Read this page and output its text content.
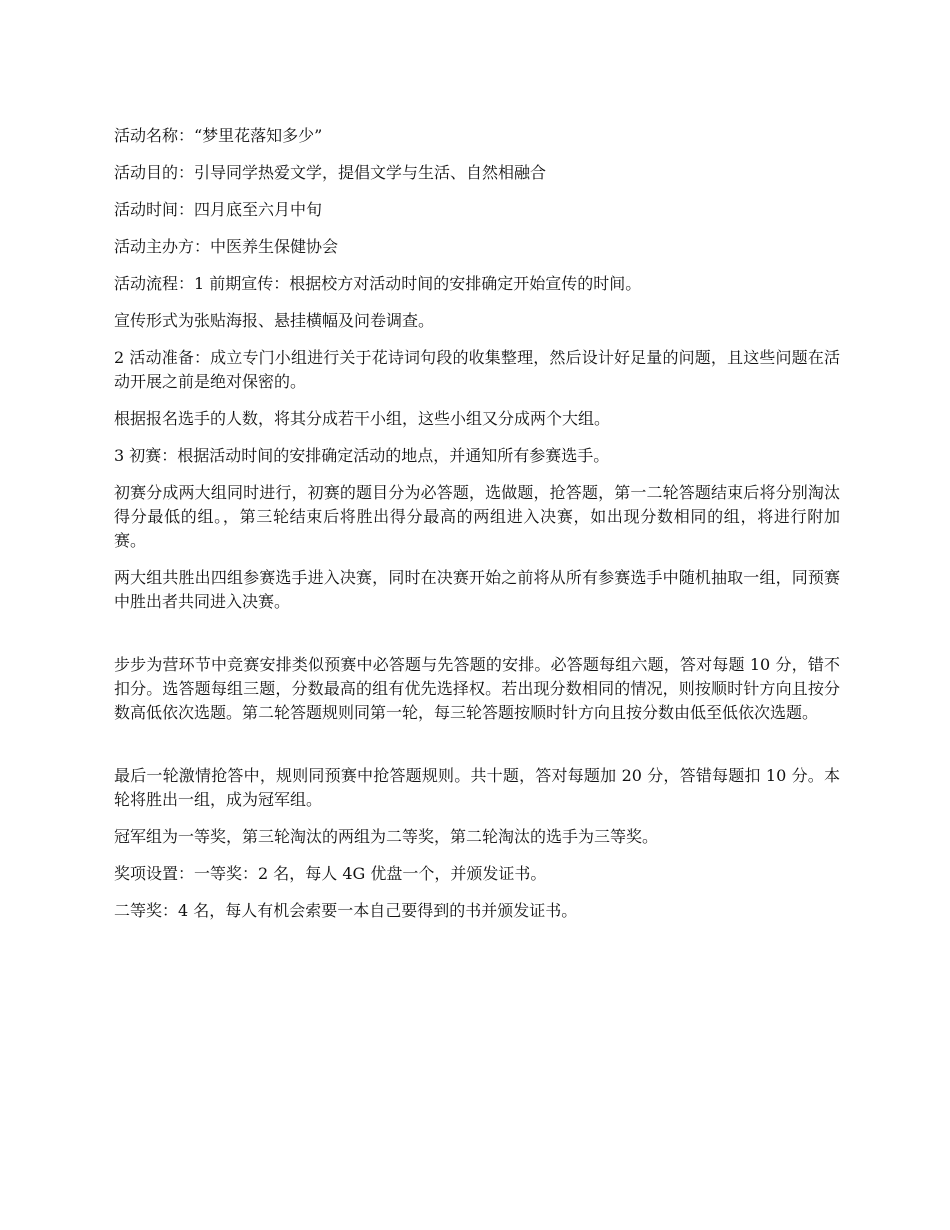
活动名称：“梦里花落知多少”

活动目的：引导同学热爱文学，提倡文学与生活、自然相融合

活动时间：四月底至六月中旬

活动主办方：中医养生保健协会

活动流程：1 前期宣传：根据校方对活动时间的安排确定开始宣传的时间。

宣传形式为张贴海报、悬挂横幅及问卷调查。

2 活动准备：成立专门小组进行关于花诗词句段的收集整理，然后设计好足量的问题，且这些问题在活动开展之前是绝对保密的。

根据报名选手的人数，将其分成若干小组，这些小组又分成两个大组。

3 初赛：根据活动时间的安排确定活动的地点，并通知所有参赛选手。

初赛分成两大组同时进行，初赛的题目分为必答题，选做题，抢答题，第一二轮答题结束后将分别淘汰得分最低的组。，第三轮结束后将胜出得分最高的两组进入决赛，如出现分数相同的组，将进行附加赛。

两大组共胜出四组参赛选手进入决赛，同时在决赛开始之前将从所有参赛选手中随机抽取一组，同预赛中胜出者共同进入决赛。

步步为营环节中竞赛安排类似预赛中必答题与先答题的安排。必答题每组六题，答对每题 10 分，错不扣分。选答题每组三题，分数最高的组有优先选择权。若出现分数相同的情况，则按顺时针方向且按分数高低依次选题。第二轮答题规则同第一轮，每三轮答题按顺时针方向且按分数由低至低依次选题。

最后一轮激情抢答中，规则同预赛中抢答题规则。共十题，答对每题加 20 分，答错每题扣 10 分。本轮将胜出一组，成为冠军组。

冠军组为一等奖，第三轮淘汰的两组为二等奖，第二轮淘汰的选手为三等奖。

奖项设置：一等奖：2 名，每人 4G 优盘一个，并颁发证书。

二等奖：4 名，每人有机会索要一本自己要得到的书并颁发证书。
